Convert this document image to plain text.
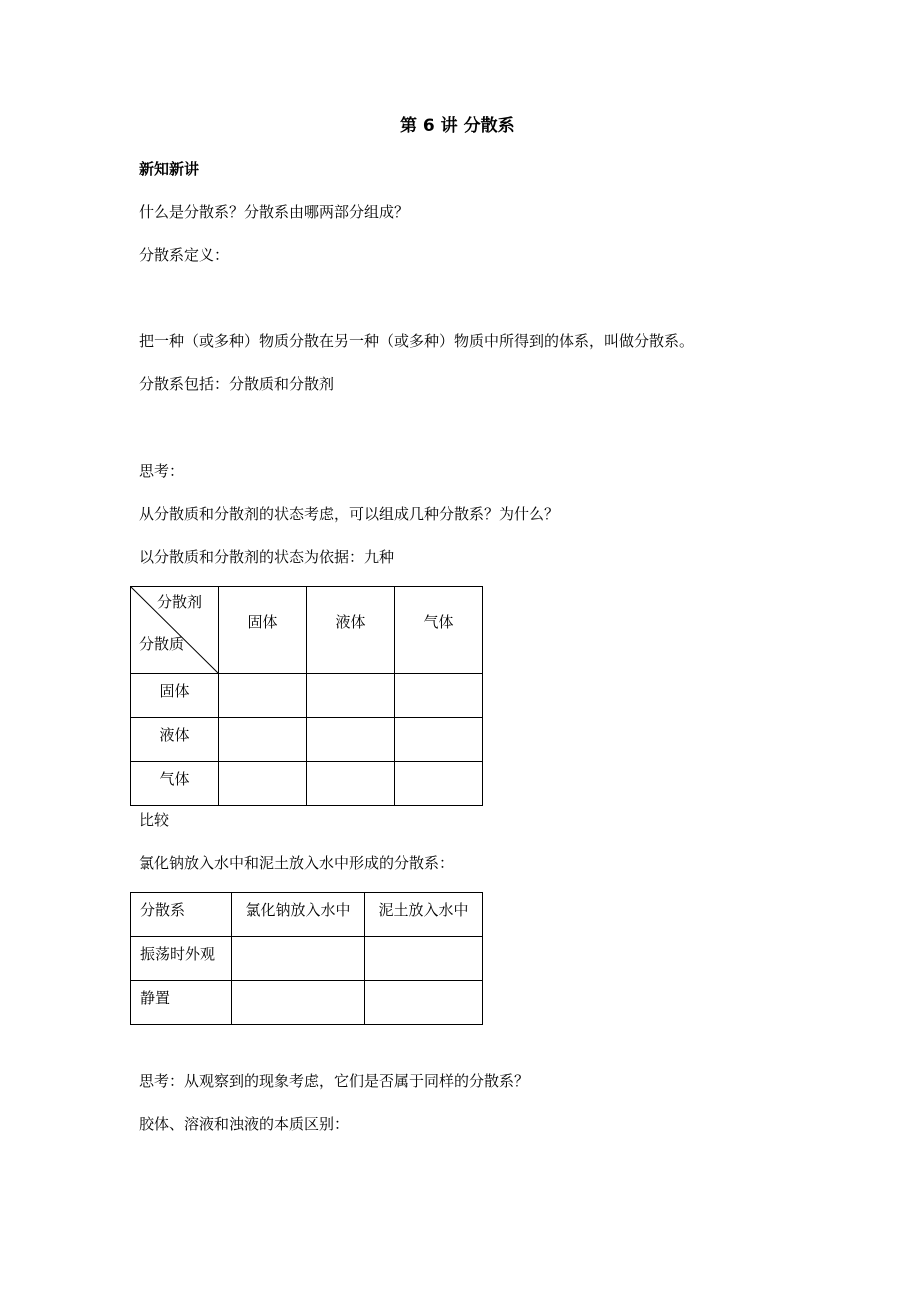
第 6 讲 分散系
新知新讲
什么是分散系？分散系由哪两部分组成？
分散系定义：
把一种（或多种）物质分散在另一种（或多种）物质中所得到的体系，叫做分散系。
分散系包括：分散质和分散剂
思考：
从分散质和分散剂的状态考虑，可以组成几种分散系？为什么？
以分散质和分散剂的状态为依据：九种
分散剂
分散质	固体	液体	气体

固体			

液体			

气体			

比较
氯化钠放入水中和泥土放入水中形成的分散系：
分散系	氯化钠放入水中	泥土放入水中

振荡时外观		

静置		

思考：从观察到的现象考虑，它们是否属于同样的分散系？
胶体、溶液和浊液的本质区别：
